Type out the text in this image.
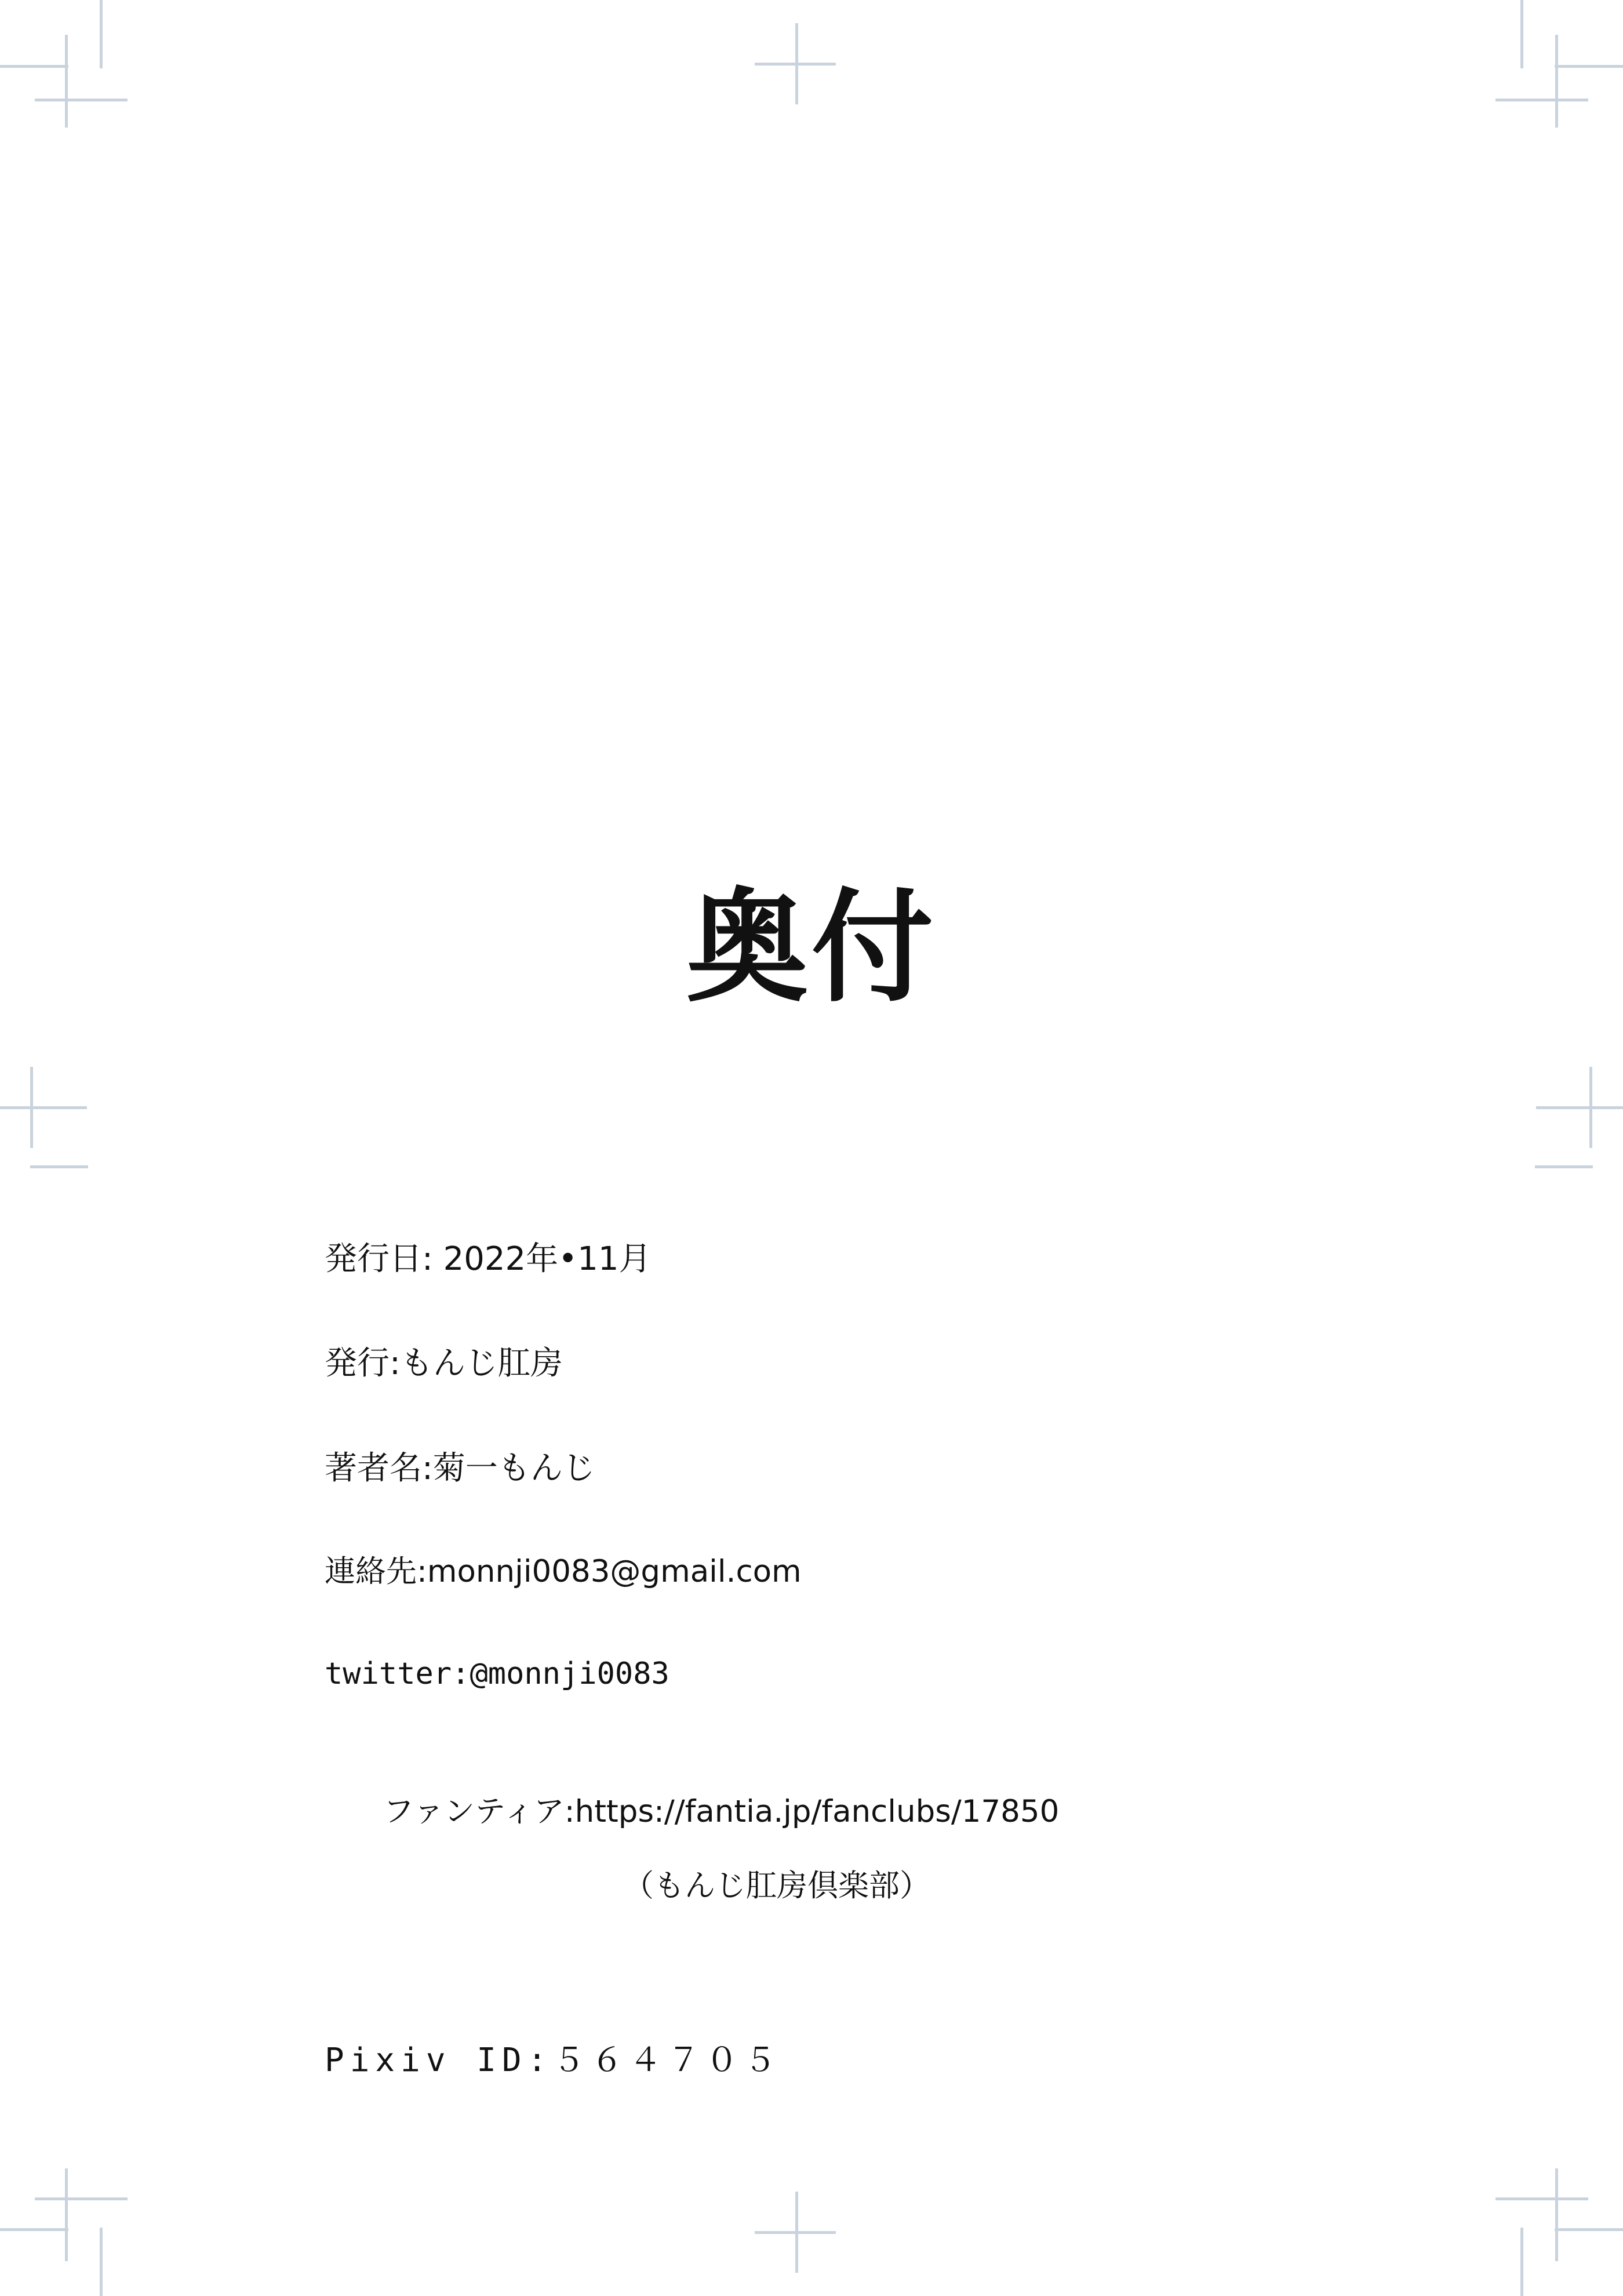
奥付
発行日: 2022年•11月
発行:もんじ肛房
著者名:菊一もんじ
連絡先:monnji0083@gmail.com
twitter:@monnji0083

ファンティア:https://fantia.jp/fanclubs/17850

（もんじ肛房倶楽部）

Pixiv ID:５６４７０５
